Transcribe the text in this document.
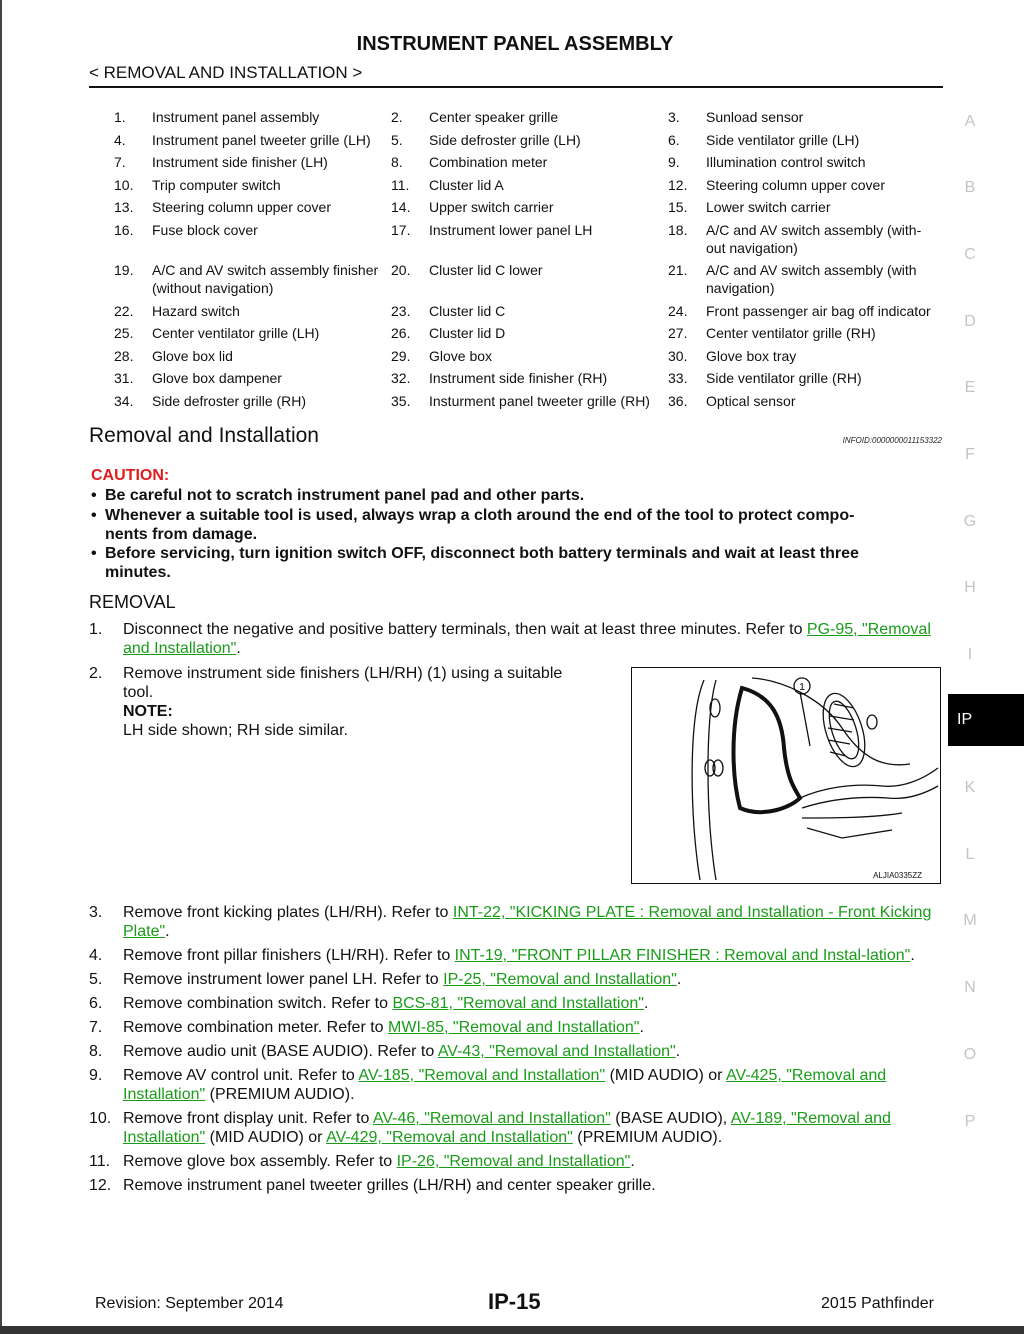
INSTRUMENT PANEL ASSEMBLY
< REMOVAL AND INSTALLATION >
1.	Instrument panel assembly	2.	Center speaker grille	3.	Sunload sensor
4.	Instrument panel tweeter grille (LH)	5.	Side defroster grille (LH)	6.	Side ventilator grille (LH)
7.	Instrument side finisher (LH)	8.	Combination meter	9.	Illumination control switch
10.	Trip computer switch	11.	Cluster lid A	12.	Steering column upper cover
13.	Steering column upper cover	14.	Upper switch carrier	15.	Lower switch carrier
16.	Fuse block cover	17.	Instrument lower panel LH	18.	A/C and AV switch assembly (with-
out navigation)
19.	A/C and AV switch assembly finisher
(without navigation)	20.	Cluster lid C lower	21.	A/C and AV switch assembly (with
navigation)
22.	Hazard switch	23.	Cluster lid C	24.	Front passenger air bag off indicator
25.	Center ventilator grille (LH)	26.	Cluster lid D	27.	Center ventilator grille (RH)
28.	Glove box lid	29.	Glove box	30.	Glove box tray
31.	Glove box dampener	32.	Instrument side finisher (RH)	33.	Side ventilator grille (RH)
34.	Side defroster grille (RH)	35.	Insturment panel tweeter grille (RH)	36.	Optical sensor
Removal and Installation	INFOID:0000000011153322
CAUTION:
• Be careful not to scratch instrument panel pad and other parts.
• Whenever a suitable tool is used, always wrap a cloth around the end of the tool to protect compo-
nents from damage.
• Before servicing, turn ignition switch OFF, disconnect both battery terminals and wait at least three
minutes.
REMOVAL
1. Disconnect the negative and positive battery terminals, then wait at least three minutes. Refer to PG-95, "Removal and Installation".
2. Remove instrument side finishers (LH/RH) (1) using a suitable
tool.
NOTE:
LH side shown; RH side similar.
1
ALJIA0335ZZ
3. Remove front kicking plates (LH/RH). Refer to INT-22, "KICKING PLATE : Removal and Installation - Front Kicking Plate".
4. Remove front pillar finishers (LH/RH). Refer to INT-19, "FRONT PILLAR FINISHER : Removal and Instal-lation".
5. Remove instrument lower panel LH. Refer to IP-25, "Removal and Installation".
6. Remove combination switch. Refer to BCS-81, "Removal and Installation".
7. Remove combination meter. Refer to MWI-85, "Removal and Installation".
8. Remove audio unit (BASE AUDIO). Refer to AV-43, "Removal and Installation".
9. Remove AV control unit. Refer to AV-185, "Removal and Installation" (MID AUDIO) or AV-425, "Removal and Installation" (PREMIUM AUDIO).
10. Remove front display unit. Refer to AV-46, "Removal and Installation" (BASE AUDIO), AV-189, "Removal and Installation" (MID AUDIO) or AV-429, "Removal and Installation" (PREMIUM AUDIO).
11. Remove glove box assembly. Refer to IP-26, "Removal and Installation".
12. Remove instrument panel tweeter grilles (LH/RH) and center speaker grille.
A
B
C
D
E
F
G
H
I
K
L
M
N
O
P
IP
Revision: September 2014	IP-15	2015 Pathfinder
